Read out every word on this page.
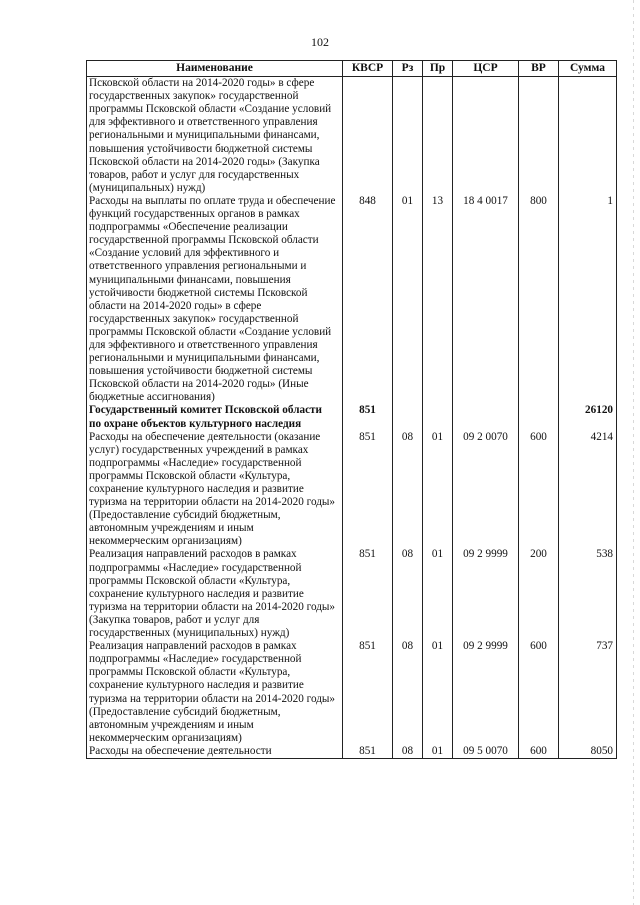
102
Наименование	КВСР	Рз	Пр	ЦСР	ВР	Сумма
Псковской области на 2014-2020 годы» в сфере государственных закупок» государственной программы Псковской области «Создание условий для эффективного и ответственного управления региональными и муниципальными финансами, повышения устойчивости бюджетной системы Псковской области на 2014-2020 годы» (Закупка товаров, работ и услуг для государственных (муниципальных) нужд)						
Расходы на выплаты по оплате труда и обеспечение функций государственных органов в рамках подпрограммы «Обеспечение реализации государственной программы Псковской области «Создание условий для эффективного и ответственного управления региональными и муниципальными финансами, повышения устойчивости бюджетной системы Псковской области на 2014-2020 годы» в сфере государственных закупок» государственной программы Псковской области «Создание условий для эффективного и ответственного управления региональными и муниципальными финансами, повышения устойчивости бюджетной системы Псковской области на 2014-2020 годы» (Иные бюджетные ассигнования)	848	01	13	18 4 0017	800	1
Государственный комитет Псковской области по охране объектов культурного наследия	851					26120
Расходы на обеспечение деятельности (оказание услуг) государственных учреждений в рамках подпрограммы «Наследие» государственной программы Псковской области «Культура, сохранение культурного наследия и развитие туризма на территории области на 2014-2020 годы» (Предоставление субсидий бюджетным, автономным учреждениям и иным некоммерческим организациям)	851	08	01	09 2 0070	600	4214
Реализация направлений расходов в рамках подпрограммы «Наследие» государственной программы Псковской области «Культура, сохранение культурного наследия и развитие туризма на территории области на 2014-2020 годы» (Закупка товаров, работ и услуг для государственных (муниципальных) нужд)	851	08	01	09 2 9999	200	538
Реализация направлений расходов в рамках подпрограммы «Наследие» государственной программы Псковской области «Культура, сохранение культурного наследия и развитие туризма на территории области на 2014-2020 годы» (Предоставление субсидий бюджетным, автономным учреждениям и иным некоммерческим организациям)	851	08	01	09 2 9999	600	737
Расходы на обеспечение деятельности	851	08	01	09 5 0070	600	8050
